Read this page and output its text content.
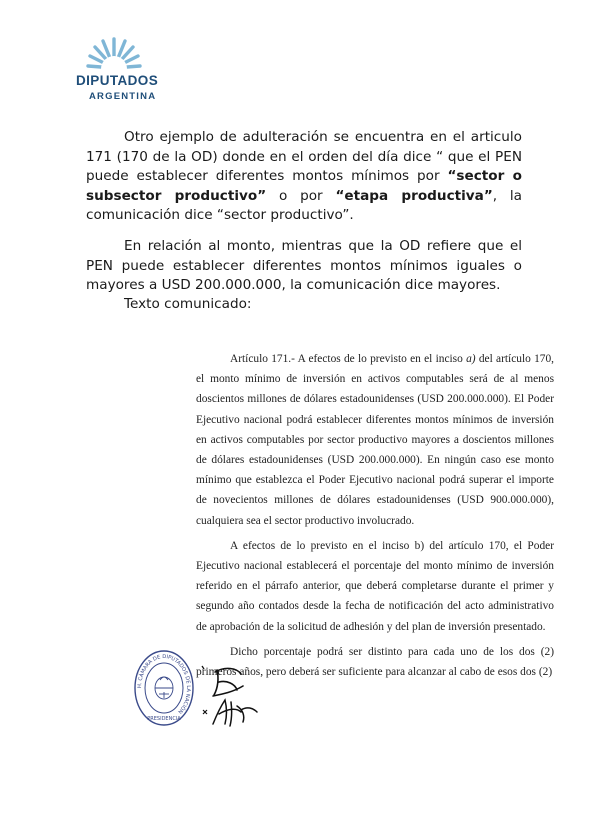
DIPUTADOS
ARGENTINA

Otro ejemplo de adulteración se encuentra en el articulo 171 (170 de la OD) donde en el orden del día dice “ que el PEN puede establecer diferentes montos mínimos por “sector o subsector productivo” o por “etapa productiva”, la comunicación dice “sector productivo”.

En relación al monto, mientras que la OD refiere que el PEN puede establecer diferentes montos mínimos iguales o mayores a USD 200.000.000, la comunicación dice mayores.

Texto comunicado:

Artículo 171.- A efectos de lo previsto en el inciso a) del artículo 170, el monto mínimo de inversión en activos computables será de al menos doscientos millones de dólares estadounidenses (USD 200.000.000). El Poder Ejecutivo nacional podrá establecer diferentes montos mínimos de inversión en activos computables por sector productivo mayores a doscientos millones de dólares estadounidenses (USD 200.000.000). En ningún caso ese monto mínimo que establezca el Poder Ejecutivo nacional podrá superar el importe de novecientos millones de dólares estadounidenses (USD 900.000.000), cualquiera sea el sector productivo involucrado.

A efectos de lo previsto en el inciso b) del artículo 170, el Poder Ejecutivo nacional establecerá el porcentaje del monto mínimo de inversión referido en el párrafo anterior, que deberá completarse durante el primer y segundo año contados desde la fecha de notificación del acto administrativo de aprobación de la solicitud de adhesión y del plan de inversión presentado.

Dicho porcentaje podrá ser distinto para cada uno de los dos (2) primeros años, pero deberá ser suficiente para alcanzar al cabo de esos dos (2)

H. CÁMARA DE DIPUTADOS DE LA NACIÓN
PRESIDENCIA
